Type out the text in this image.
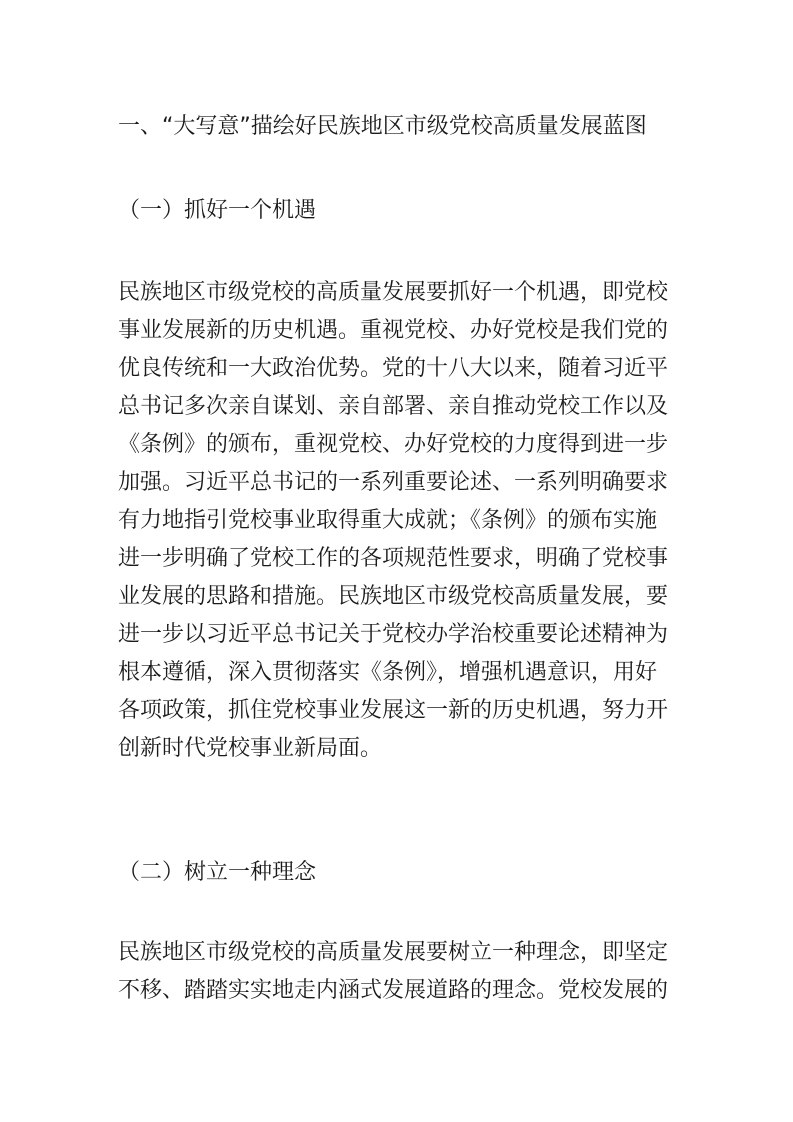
一、“大写意”描绘好民族地区市级党校高质量发展蓝图
（一）抓好一个机遇
民族地区市级党校的高质量发展要抓好一个机遇，即党校
事业发展新的历史机遇。重视党校、办好党校是我们党的
优良传统和一大政治优势。党的十八大以来，随着习近平
总书记多次亲自谋划、亲自部署、亲自推动党校工作以及
《条例》的颁布，重视党校、办好党校的力度得到进一步
加强。习近平总书记的一系列重要论述、一系列明确要求
有力地指引党校事业取得重大成就；《条例》的颁布实施
进一步明确了党校工作的各项规范性要求，明确了党校事
业发展的思路和措施。民族地区市级党校高质量发展，要
进一步以习近平总书记关于党校办学治校重要论述精神为
根本遵循，深入贯彻落实《条例》，增强机遇意识，用好
各项政策，抓住党校事业发展这一新的历史机遇，努力开
创新时代党校事业新局面。
（二）树立一种理念
民族地区市级党校的高质量发展要树立一种理念，即坚定
不移、踏踏实实地走内涵式发展道路的理念。党校发展的
